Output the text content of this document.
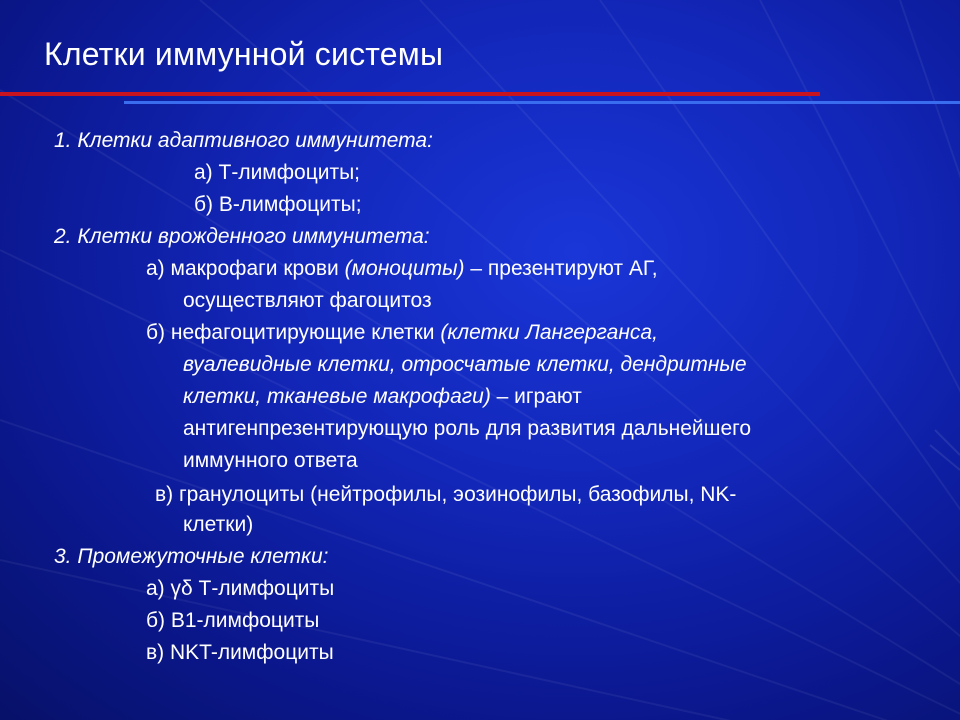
Клетки иммунной системы
1. Клетки адаптивного иммунитета:
а) Т-лимфоциты;
б) В-лимфоциты;
2. Клетки врожденного иммунитета:
а) макрофаги крови (моноциты) – презентируют АГ,
осуществляют фагоцитоз
б) нефагоцитирующие клетки (клетки Лангерганса,
вуалевидные клетки, отросчатые клетки, дендритные
клетки, тканевые макрофаги) – играют
антигенпрезентирующую роль для развития дальнейшего
иммунного ответа
в) гранулоциты (нейтрофилы, эозинофилы, базофилы, NK-
клетки)
3. Промежуточные клетки:
а) γδ Т-лимфоциты
б) В1-лимфоциты
в) NKT-лимфоциты
